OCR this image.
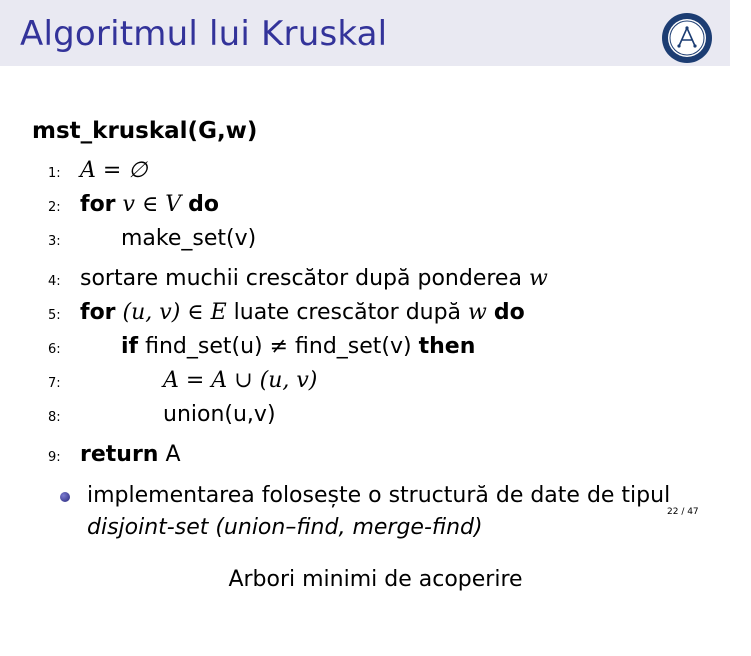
Algoritmul lui Kruskal
mst_kruskal(G,w)
1: A = ∅
2: for v ∈ V do
3:	make_set(v)
4: sortare muchii crescător după ponderea w
5: for (u, v) ∈ E luate crescător după w do
6:	if find_set(u) ≠ find_set(v) then
7:	A = A ∪ (u, v)
8:	union(u,v)
9: return A
implementarea folosește o structură de date de tipul
disjoint-set (union–find, merge-find)
22 / 47
Arbori minimi de acoperire
